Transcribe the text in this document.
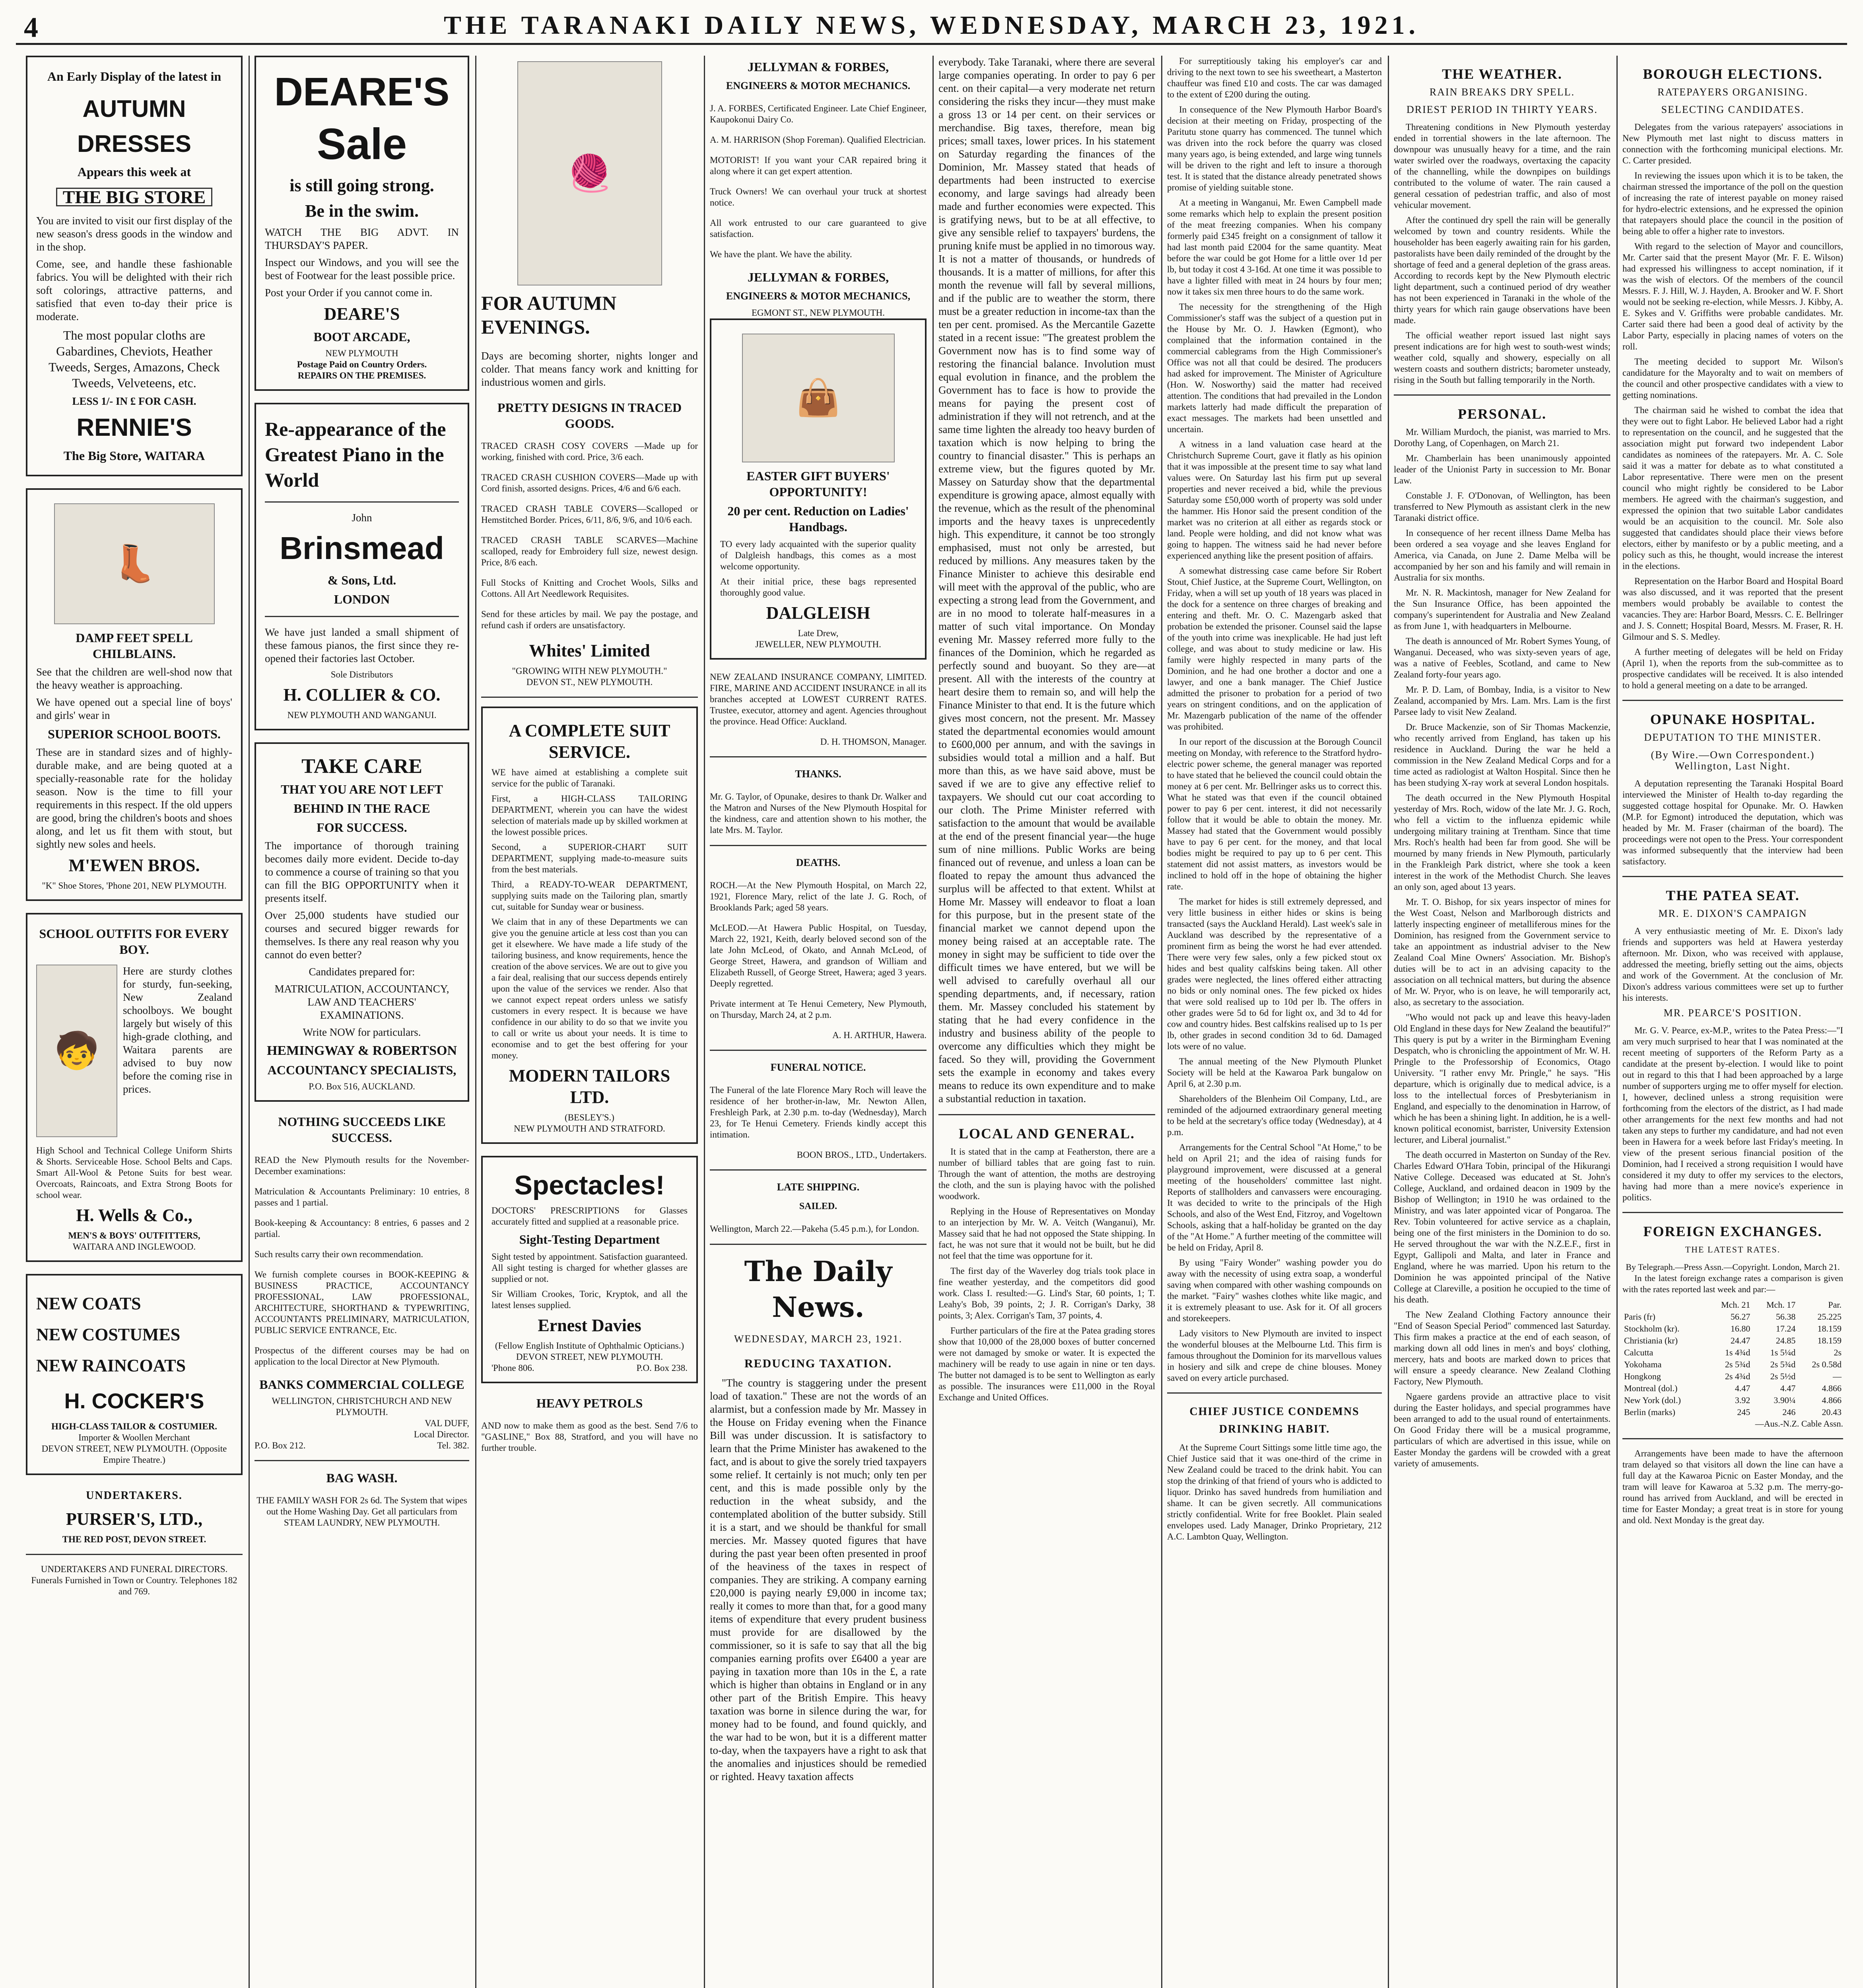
4	THE TARANAKI DAILY NEWS, WEDNESDAY, MARCH 23, 1921.
An Early Display of the latest in
AUTUMN
DRESSES
Appears this week at
THE BIG STORE

You are invited to visit our first display of the new season's dress goods in the window and in the shop.

Come, see, and handle these fashionable fabrics. You will be delighted with their rich soft colorings, attractive patterns, and satisfied that even to-day their price is moderate.

The most popular cloths are Gabardines, Cheviots, Heather Tweeds, Serges, Amazons, Check Tweeds, Velveteens, etc.

LESS 1/- IN £ FOR CASH.

RENNIE'S
The Big Store, WAITARA
👢
DAMP FEET SPELL CHILBLAINS.

See that the children are well-shod now that the heavy weather is approaching.

We have opened out a special line of boys' and girls' wear in

SUPERIOR SCHOOL BOOTS.

These are in standard sizes and of highly-durable make, and are being quoted at a specially-reasonable rate for the holiday season. Now is the time to fill your requirements in this respect. If the old uppers are good, bring the children's boots and shoes along, and let us fit them with stout, but sightly new soles and heels.

M'EWEN BROS.
"K" Shoe Stores, 'Phone 201, NEW PLYMOUTH.
SCHOOL OUTFITS FOR EVERY BOY.
🧒

Here are sturdy clothes for sturdy, fun-seeking, New Zealand schoolboys. We bought largely but wisely of this high-grade clothing, and Waitara parents are advised to buy now before the coming rise in prices.

High School and Technical College Uniform Shirts & Shorts. Serviceable Hose. School Belts and Caps. Smart All-Wool & Petone Suits for best wear. Overcoats, Raincoats, and Extra Strong Boots for school wear.

H. Wells & Co.,
MEN'S & BOYS' OUTFITTERS,
WAITARA AND INGLEWOOD.
NEW COATS
NEW COSTUMES
NEW RAINCOATS
H. COCKER'S
HIGH-CLASS TAILOR & COSTUMIER.
Importer & Woollen Merchant
DEVON STREET, NEW PLYMOUTH. (Opposite Empire Theatre.)
UNDERTAKERS.
PURSER'S, LTD.,
THE RED POST, DEVON STREET.
UNDERTAKERS AND FUNERAL DIRECTORS.
Funerals Furnished in Town or Country. Telephones 182 and 769.
DEARE'S
Sale
is still going strong.
Be in the swim.

WATCH THE BIG ADVT. IN THURSDAY'S PAPER.

Inspect our Windows, and you will see the best of Footwear for the least possible price.

Post your Order if you cannot come in.

DEARE'S
BOOT ARCADE,
NEW PLYMOUTH
Postage Paid on Country Orders.
REPAIRS ON THE PREMISES.
Re-appearance of the Greatest Piano in the World
John
Brinsmead
& Sons, Ltd.
LONDON

We have just landed a small shipment of these famous pianos, the first since they re-opened their factories last October.

Sole Distributors
H. COLLIER & CO.
NEW PLYMOUTH AND WANGANUI.
TAKE CARE
THAT YOU ARE NOT LEFT
BEHIND IN THE RACE
FOR SUCCESS.

The importance of thorough training becomes daily more evident. Decide to-day to commence a course of training so that you can fill the BIG OPPORTUNITY when it presents itself.

Over 25,000 students have studied our courses and secured bigger rewards for themselves. Is there any real reason why you cannot do even better?

Candidates prepared for:

MATRICULATION, ACCOUNTANCY, LAW AND TEACHERS' EXAMINATIONS.

Write NOW for particulars.

HEMINGWAY & ROBERTSON
ACCOUNTANCY SPECIALISTS,
P.O. Box 516, AUCKLAND.
NOTHING SUCCEEDS LIKE SUCCESS.

READ the New Plymouth results for the November-December examinations:

Matriculation & Accountants Preliminary: 10 entries, 8 passes and 1 partial.

Book-keeping & Accountancy: 8 entries, 6 passes and 2 partial.

Such results carry their own recommendation.

We furnish complete courses in BOOK-KEEPING & BUSINESS PRACTICE, ACCOUNTANCY PROFESSIONAL, LAW PROFESSIONAL, ARCHITECTURE, SHORTHAND & TYPEWRITING, ACCOUNTANTS PRELIMINARY, MATRICULATION, PUBLIC SERVICE ENTRANCE, Etc.

Prospectus of the different courses may be had on application to the local Director at New Plymouth.

BANKS COMMERCIAL COLLEGE
WELLINGTON, CHRISTCHURCH AND NEW PLYMOUTH.
VAL DUFF,
Local Director.
P.O. Box 212.	Tel. 382.
BAG WASH.

THE FAMILY WASH FOR 2s 6d. The System that wipes out the Home Washing Day. Get all particulars from STEAM LAUNDRY, NEW PLYMOUTH.

🧶
FOR AUTUMN EVENINGS.

Days are becoming shorter, nights longer and colder. That means fancy work and knitting for industrious women and girls.

PRETTY DESIGNS IN TRACED GOODS.

TRACED CRASH COSY COVERS —Made up for working, finished with cord. Price, 3/6 each.

TRACED CRASH CUSHION COVERS—Made up with Cord finish, assorted designs. Prices, 4/6 and 6/6 each.

TRACED CRASH TABLE COVERS—Scalloped or Hemstitched Border. Prices, 6/11, 8/6, 9/6, and 10/6 each.

TRACED CRASH TABLE SCARVES—Machine scalloped, ready for Embroidery full size, newest design. Price, 8/6 each.

Full Stocks of Knitting and Crochet Wools, Silks and Cottons. All Art Needlework Requisites.

Send for these articles by mail. We pay the postage, and refund cash if orders are unsatisfactory.

Whites' Limited
"GROWING WITH NEW PLYMOUTH."
DEVON ST., NEW PLYMOUTH.
A COMPLETE SUIT SERVICE.

WE have aimed at establishing a complete suit service for the public of Taranaki.

First, a HIGH-CLASS TAILORING DEPARTMENT, wherein you can have the widest selection of materials made up by skilled workmen at the lowest possible prices.

Second, a SUPERIOR-CHART SUIT DEPARTMENT, supplying made-to-measure suits from the best materials.

Third, a READY-TO-WEAR DEPARTMENT, supplying suits made on the Tailoring plan, smartly cut, suitable for Sunday wear or business.

We claim that in any of these Departments we can give you the genuine article at less cost than you can get it elsewhere. We have made a life study of the tailoring business, and know requirements, hence the creation of the above services. We are out to give you a fair deal, realising that our success depends entirely upon the value of the services we render. Also that we cannot expect repeat orders unless we satisfy customers in every respect. It is because we have confidence in our ability to do so that we invite you to call or write us about your needs. It is time to economise and to get the best offering for your money.

MODERN TAILORS LTD.
(BESLEY'S.)
NEW PLYMOUTH AND STRATFORD.
Spectacles!

DOCTORS' PRESCRIPTIONS for Glasses accurately fitted and supplied at a reasonable price.

Sight-Testing Department

Sight tested by appointment. Satisfaction guaranteed. All sight testing is charged for whether glasses are supplied or not.

Sir William Crookes, Toric, Kryptok, and all the latest lenses supplied.

Ernest Davies
(Fellow English Institute of Ophthalmic Opticians.)
DEVON STREET, NEW PLYMOUTH.
'Phone 806.	P.O. Box 238.
HEAVY PETROLS

AND now to make them as good as the best. Send 7/6 to "GASLINE," Box 88, Stratford, and you will have no further trouble.

JELLYMAN & FORBES,
ENGINEERS & MOTOR MECHANICS.

J. A. FORBES, Certificated Engineer. Late Chief Engineer, Kaupokonui Dairy Co.

A. M. HARRISON (Shop Foreman). Qualified Electrician.

MOTORIST! If you want your CAR repaired bring it along where it can get expert attention.

Truck Owners! We can overhaul your truck at shortest notice.

All work entrusted to our care guaranteed to give satisfaction.

We have the plant. We have the ability.

JELLYMAN & FORBES,
ENGINEERS & MOTOR MECHANICS,
EGMONT ST., NEW PLYMOUTH.
👜
EASTER GIFT BUYERS' OPPORTUNITY!
20 per cent. Reduction on Ladies' Handbags.

TO every lady acquainted with the superior quality of Dalgleish handbags, this comes as a most welcome opportunity.

At their initial price, these bags represented thoroughly good value.

DALGLEISH
Late Drew,
JEWELLER, NEW PLYMOUTH.

NEW ZEALAND INSURANCE COMPANY, LIMITED. FIRE, MARINE AND ACCIDENT INSURANCE in all its branches accepted at LOWEST CURRENT RATES. Trustee, executor, attorney and agent. Agencies throughout the province. Head Office: Auckland.

D. H. THOMSON, Manager.
THANKS.

Mr. G. Taylor, of Opunake, desires to thank Dr. Walker and the Matron and Nurses of the New Plymouth Hospital for the kindness, care and attention shown to his mother, the late Mrs. M. Taylor.

DEATHS.

ROCH.—At the New Plymouth Hospital, on March 22, 1921, Florence Mary, relict of the late J. G. Roch, of Brooklands Park; aged 58 years.

McLEOD.—At Hawera Public Hospital, on Tuesday, March 22, 1921, Keith, dearly beloved second son of the late John McLeod, of Okato, and Annah McLeod, of George Street, Hawera, and grandson of William and Elizabeth Russell, of George Street, Hawera; aged 3 years. Deeply regretted.

Private interment at Te Henui Cemetery, New Plymouth, on Thursday, March 24, at 2 p.m.

A. H. ARTHUR, Hawera.
FUNERAL NOTICE.

The Funeral of the late Florence Mary Roch will leave the residence of her brother-in-law, Mr. Newton Allen, Freshleigh Park, at 2.30 p.m. to-day (Wednesday), March 23, for Te Henui Cemetery. Friends kindly accept this intimation.

BOON BROS., LTD., Undertakers.
LATE SHIPPING.
SAILED.

Wellington, March 22.—Pakeha (5.45 p.m.), for London.

The Daily News.
WEDNESDAY, MARCH 23, 1921.
REDUCING TAXATION.

"The country is staggering under the present load of taxation." These are not the words of an alarmist, but a confession made by Mr. Massey in the House on Friday evening when the Finance Bill was under discussion. It is satisfactory to learn that the Prime Minister has awakened to the fact, and is about to give the sorely tried taxpayers some relief. It certainly is not much; only ten per cent, and this is made possible only by the reduction in the wheat subsidy, and the contemplated abolition of the butter subsidy. Still it is a start, and we should be thankful for small mercies. Mr. Massey quoted figures that have during the past year been often presented in proof of the heaviness of the taxes in respect of companies. They are striking. A company earning £20,000 is paying nearly £9,000 in income tax; really it comes to more than that, for a good many items of expenditure that every prudent business must provide for are disallowed by the commissioner, so it is safe to say that all the big companies earning profits over £6400 a year are paying in taxation more than 10s in the £, a rate which is higher than obtains in England or in any other part of the British Empire. This heavy taxation was borne in silence during the war, for money had to be found, and found quickly, and the war had to be won, but it is a different matter to-day, when the taxpayers have a right to ask that the anomalies and injustices should be remedied or righted. Heavy taxation affects

everybody. Take Taranaki, where there are several large companies operating. In order to pay 6 per cent. on their capital—a very moderate net return considering the risks they incur—they must make a gross 13 or 14 per cent. on their services or merchandise. Big taxes, therefore, mean big prices; small taxes, lower prices. In his statement on Saturday regarding the finances of the Dominion, Mr. Massey stated that heads of departments had been instructed to exercise economy, and large savings had already been made and further economies were expected. This is gratifying news, but to be at all effective, to give any sensible relief to taxpayers' burdens, the pruning knife must be applied in no timorous way. It is not a matter of thousands, or hundreds of thousands. It is a matter of millions, for after this month the revenue will fall by several millions, and if the public are to weather the storm, there must be a greater reduction in income-tax than the ten per cent. promised. As the Mercantile Gazette stated in a recent issue: "The greatest problem the Government now has is to find some way of restoring the financial balance. Involution must equal evolution in finance, and the problem the Government has to face is how to provide the means for paying the present cost of administration if they will not retrench, and at the same time lighten the already too heavy burden of taxation which is now helping to bring the country to financial disaster." This is perhaps an extreme view, but the figures quoted by Mr. Massey on Saturday show that the departmental expenditure is growing apace, almost equally with the revenue, which as the result of the phenominal imports and the heavy taxes is unprecedently high. This expenditure, it cannot be too strongly emphasised, must not only be arrested, but reduced by millions. Any measures taken by the Finance Minister to achieve this desirable end will meet with the approval of the public, who are expecting a strong lead from the Government, and are in no mood to tolerate half-measures in a matter of such vital importance. On Monday evening Mr. Massey referred more fully to the finances of the Dominion, which he regarded as perfectly sound and buoyant. So they are—at present. All with the interests of the country at heart desire them to remain so, and will help the Finance Minister to that end. It is the future which gives most concern, not the present. Mr. Massey stated the departmental economies would amount to £600,000 per annum, and with the savings in subsidies would total a million and a half. But more than this, as we have said above, must be saved if we are to give any effective relief to taxpayers. We should cut our coat according to our cloth. The Prime Minister referred with satisfaction to the amount that would be available at the end of the present financial year—the huge sum of nine millions. Public Works are being financed out of revenue, and unless a loan can be floated to repay the amount thus advanced the surplus will be affected to that extent. Whilst at Home Mr. Massey will endeavor to float a loan for this purpose, but in the present state of the financial market we cannot depend upon the money being raised at an acceptable rate. The money in sight may be sufficient to tide over the difficult times we have entered, but we will be well advised to carefully overhaul all our spending departments, and, if necessary, ration them. Mr. Massey concluded his statement by stating that he had every confidence in the industry and business ability of the people to overcome any difficulties which they might be faced. So they will, providing the Government sets the example in economy and takes every means to reduce its own expenditure and to make a substantial reduction in taxation.

LOCAL AND GENERAL.

It is stated that in the camp at Featherston, there are a number of billiard tables that are going fast to ruin. Through the want of attention, the moths are destroying the cloth, and the sun is playing havoc with the polished woodwork.

Replying in the House of Representatives on Monday to an interjection by Mr. W. A. Veitch (Wanganui), Mr. Massey said that he had not opposed the State shipping. In fact, he was not sure that it would not be built, but he did not feel that the time was opportune for it.

The first day of the Waverley dog trials took place in fine weather yesterday, and the competitors did good work. Class I. resulted:—G. Lind's Star, 60 points, 1; T. Leahy's Bob, 39 points, 2; J. R. Corrigan's Darky, 38 points, 3; Alex. Corrigan's Tam, 37 points, 4.

Further particulars of the fire at the Patea grading stores show that 10,000 of the 28,000 boxes of butter concerned were not damaged by smoke or water. It is expected the machinery will be ready to use again in nine or ten days. The butter not damaged is to be sent to Wellington as early as possible. The insurances were £11,000 in the Royal Exchange and United Offices.

For surreptitiously taking his employer's car and driving to the next town to see his sweetheart, a Masterton chauffeur was fined £10 and costs. The car was damaged to the extent of £200 during the outing.

In consequence of the New Plymouth Harbor Board's decision at their meeting on Friday, prospecting of the Paritutu stone quarry has commenced. The tunnel which was driven into the rock before the quarry was closed many years ago, is being extended, and large wing tunnels will be driven to the right and left to insure a thorough test. It is stated that the distance already penetrated shows promise of yielding suitable stone.

At a meeting in Wanganui, Mr. Ewen Campbell made some remarks which help to explain the present position of the meat freezing companies. When his company formerly paid £345 freight on a consignment of tallow it had last month paid £2004 for the same quantity. Meat before the war could be got Home for a little over 1d per lb, but today it cost 4 3-16d. At one time it was possible to have a lighter filled with meat in 24 hours by four men; now it takes six men three hours to do the same work.

The necessity for the strengthening of the High Commissioner's staff was the subject of a question put in the House by Mr. O. J. Hawken (Egmont), who complained that the information contained in the commercial cablegrams from the High Commissioner's Office was not all that could be desired. The producers had asked for improvement. The Minister of Agriculture (Hon. W. Nosworthy) said the matter had received attention. The conditions that had prevailed in the London markets latterly had made difficult the preparation of exact messages. The markets had been unsettled and uncertain.

A witness in a land valuation case heard at the Christchurch Supreme Court, gave it flatly as his opinion that it was impossible at the present time to say what land values were. On Saturday last his firm put up several properties and never received a bid, while the previous Saturday some £50,000 worth of property was sold under the hammer. His Honor said the present condition of the market was no criterion at all either as regards stock or land. People were holding, and did not know what was going to happen. The witness said he had never before experienced anything like the present position of affairs.

A somewhat distressing case came before Sir Robert Stout, Chief Justice, at the Supreme Court, Wellington, on Friday, when a will set up youth of 18 years was placed in the dock for a sentence on three charges of breaking and entering and theft. Mr. O. C. Mazengarb asked that probation be extended the prisoner. Counsel said the lapse of the youth into crime was inexplicable. He had just left college, and was about to study medicine or law. His family were highly respected in many parts of the Dominion, and he had one brother a doctor and one a lawyer, and one a bank manager. The Chief Justice admitted the prisoner to probation for a period of two years on stringent conditions, and on the application of Mr. Mazengarb publication of the name of the offender was prohibited.

In our report of the discussion at the Borough Council meeting on Monday, with reference to the Stratford hydro-electric power scheme, the general manager was reported to have stated that he believed the council could obtain the money at 6 per cent. Mr. Bellringer asks us to correct this. What he stated was that even if the council obtained power to pay 6 per cent. interest, it did not necessarily follow that it would be able to obtain the money. Mr. Massey had stated that the Government would possibly have to pay 6 per cent. for the money, and that local bodies might be required to pay up to 6 per cent. This statement did not assist matters, as investors would be inclined to hold off in the hope of obtaining the higher rate.

The market for hides is still extremely depressed, and very little business in either hides or skins is being transacted (says the Auckland Herald). Last week's sale in Auckland was described by the representative of a prominent firm as being the worst he had ever attended. There were very few sales, only a few picked stout ox hides and best quality calfskins being taken. All other grades were neglected, the lines offered either attracting no bids or only nominal ones. The few picked ox hides that were sold realised up to 10d per lb. The offers in other grades were 5d to 6d for light ox, and 3d to 4d for cow and country hides. Best calfskins realised up to 1s per lb, other grades in second condition 3d to 6d. Damaged lots were of no value.

The annual meeting of the New Plymouth Plunket Society will be held at the Kawaroa Park bungalow on April 6, at 2.30 p.m.

Shareholders of the Blenheim Oil Company, Ltd., are reminded of the adjourned extraordinary general meeting to be held at the secretary's office today (Wednesday), at 4 p.m.

Arrangements for the Central School "At Home," to be held on April 21; and the idea of raising funds for playground improvement, were discussed at a general meeting of the householders' committee last night. Reports of stallholders and canvassers were encouraging. It was decided to write to the principals of the High Schools, and also of the West End, Fitzroy, and Vogeltown Schools, asking that a half-holiday be granted on the day of the "At Home." A further meeting of the committee will be held on Friday, April 8.

By using "Fairy Wonder" washing powder you do away with the necessity of using extra soap, a wonderful saving when compared with other washing compounds on the market. "Fairy" washes clothes white like magic, and it is extremely pleasant to use. Ask for it. Of all grocers and storekeepers.

Lady visitors to New Plymouth are invited to inspect the wonderful blouses at the Melbourne Ltd. This firm is famous throughout the Dominion for its marvellous values in hosiery and silk and crepe de chine blouses. Money saved on every article purchased.

CHIEF JUSTICE CONDEMNS DRINKING HABIT.

At the Supreme Court Sittings some little time ago, the Chief Justice said that it was one-third of the crime in New Zealand could be traced to the drink habit. You can stop the drinking of that friend of yours who is addicted to liquor. Drinko has saved hundreds from humiliation and shame. It can be given secretly. All communications strictly confidential. Write for free Booklet. Plain sealed envelopes used. Lady Manager, Drinko Proprietary, 212 A.C. Lambton Quay, Wellington.

THE WEATHER.
RAIN BREAKS DRY SPELL.
DRIEST PERIOD IN THIRTY YEARS.

Threatening conditions in New Plymouth yesterday ended in torrential showers in the late afternoon. The downpour was unusually heavy for a time, and the rain water swirled over the roadways, overtaxing the capacity of the channelling, while the downpipes on buildings contributed to the volume of water. The rain caused a general cessation of pedestrian traffic, and also of most vehicular movement.

After the continued dry spell the rain will be generally welcomed by town and country residents. While the householder has been eagerly awaiting rain for his garden, pastoralists have been daily reminded of the drought by the shortage of feed and a general depletion of the grass areas. According to records kept by the New Plymouth electric light department, such a continued period of dry weather has not been experienced in Taranaki in the whole of the thirty years for which rain gauge observations have been made.

The official weather report issued last night says present indications are for high west to south-west winds; weather cold, squally and showery, especially on all western coasts and southern districts; barometer unsteady, rising in the South but falling temporarily in the North.

PERSONAL.

Mr. William Murdoch, the pianist, was married to Mrs. Dorothy Lang, of Copenhagen, on March 21.

Mr. Chamberlain has been unanimously appointed leader of the Unionist Party in succession to Mr. Bonar Law.

Constable J. F. O'Donovan, of Wellington, has been transferred to New Plymouth as assistant clerk in the new Taranaki district office.

In consequence of her recent illness Dame Melba has been ordered a sea voyage and she leaves England for America, via Canada, on June 2. Dame Melba will be accompanied by her son and his family and will remain in Australia for six months.

Mr. N. R. Mackintosh, manager for New Zealand for the Sun Insurance Office, has been appointed the company's superintendent for Australia and New Zealand as from June 1, with headquarters in Melbourne.

The death is announced of Mr. Robert Symes Young, of Wanganui. Deceased, who was sixty-seven years of age, was a native of Feebles, Scotland, and came to New Zealand forty-four years ago.

Mr. P. D. Lam, of Bombay, India, is a visitor to New Zealand, accompanied by Mrs. Lam. Mrs. Lam is the first Parsee lady to visit New Zealand.

Dr. Bruce Mackenzie, son of Sir Thomas Mackenzie, who recently arrived from England, has taken up his residence in Auckland. During the war he held a commission in the New Zealand Medical Corps and for a time acted as radiologist at Walton Hospital. Since then he has been studying X-ray work at several London hospitals.

The death occurred in the New Plymouth Hospital yesterday of Mrs. Roch, widow of the late Mr. J. G. Roch, who fell a victim to the influenza epidemic while undergoing military training at Trentham. Since that time Mrs. Roch's health had been far from good. She will be mourned by many friends in New Plymouth, particularly in the Frankleigh Park district, where she took a keen interest in the work of the Methodist Church. She leaves an only son, aged about 13 years.

Mr. T. O. Bishop, for six years inspector of mines for the West Coast, Nelson and Marlborough districts and latterly inspecting engineer of metalliferous mines for the Dominion, has resigned from the Government service to take an appointment as industrial adviser to the New Zealand Coal Mine Owners' Association. Mr. Bishop's duties will be to act in an advising capacity to the association on all technical matters, but during the absence of Mr. W. Pryor, who is on leave, he will temporarily act, also, as secretary to the association.

"Who would not pack up and leave this heavy-laden Old England in these days for New Zealand the beautiful?" This query is put by a writer in the Birmingham Evening Despatch, who is chronicling the appointment of Mr. W. H. Pringle to the Professorship of Economics, Otago University. "I rather envy Mr. Pringle," he says. "His departure, which is originally due to medical advice, is a loss to the intellectual forces of Presbyterianism in England, and especially to the denomination in Harrow, of which he has been a shining light. In addition, he is a well-known political economist, barrister, University Extension lecturer, and Liberal journalist."

The death occurred in Masterton on Sunday of the Rev. Charles Edward O'Hara Tobin, principal of the Hikurangi Native College. Deceased was educated at St. John's College, Auckland, and ordained deacon in 1909 by the Bishop of Wellington; in 1910 he was ordained to the Ministry, and was later appointed vicar of Pongaroa. The Rev. Tobin volunteered for active service as a chaplain, being one of the first ministers in the Dominion to do so. He served throughout the war with the N.Z.E.F., first in Egypt, Gallipoli and Malta, and later in France and England, where he was married. Upon his return to the Dominion he was appointed principal of the Native College at Clareville, a position he occupied to the time of his death.

The New Zealand Clothing Factory announce their "End of Season Special Period" commenced last Saturday. This firm makes a practice at the end of each season, of marking down all odd lines in men's and boys' clothing, mercery, hats and boots are marked down to prices that will ensure a speedy clearance. New Zealand Clothing Factory, New Plymouth.

Ngaere gardens provide an attractive place to visit during the Easter holidays, and special programmes have been arranged to add to the usual round of entertainments. On Good Friday there will be a musical programme, particulars of which are advertised in this issue, while on Easter Monday the gardens will be crowded with a great variety of amusements.

BOROUGH ELECTIONS.
RATEPAYERS ORGANISING.
SELECTING CANDIDATES.

Delegates from the various ratepayers' associations in New Plymouth met last night to discuss matters in connection with the forthcoming municipal elections. Mr. C. Carter presided.

In reviewing the issues upon which it is to be taken, the chairman stressed the importance of the poll on the question of increasing the rate of interest payable on money raised for hydro-electric extensions, and he expressed the opinion that ratepayers should place the council in the position of being able to offer a higher rate to investors.

With regard to the selection of Mayor and councillors, Mr. Carter said that the present Mayor (Mr. F. E. Wilson) had expressed his willingness to accept nomination, if it was the wish of electors. Of the members of the council Messrs. F. J. Hill, W. J. Hayden, A. Brooker and W. F. Short would not be seeking re-election, while Messrs. J. Kibby, A. E. Sykes and V. Griffiths were probable candidates. Mr. Carter said there had been a good deal of activity by the Labor Party, especially in placing names of voters on the roll.

The meeting decided to support Mr. Wilson's candidature for the Mayoralty and to wait on members of the council and other prospective candidates with a view to getting nominations.

The chairman said he wished to combat the idea that they were out to fight Labor. He believed Labor had a right to representation on the council, and he suggested that the association might put forward two independent Labor candidates as nominees of the ratepayers. Mr. A. C. Sole said it was a matter for debate as to what constituted a Labor representative. There were men on the present council who might rightly be considered to be Labor members. He agreed with the chairman's suggestion, and expressed the opinion that two suitable Labor candidates would be an acquisition to the council. Mr. Sole also suggested that candidates should place their views before electors, either by manifesto or by a public meeting, and a policy such as this, he thought, would increase the interest in the elections.

Representation on the Harbor Board and Hospital Board was also discussed, and it was reported that the present members would probably be available to contest the vacancies. They are: Harbor Board, Messrs. C. E. Bellringer and J. S. Connett; Hospital Board, Messrs. M. Fraser, R. H. Gilmour and S. S. Medley.

A further meeting of delegates will be held on Friday (April 1), when the reports from the sub-committee as to prospective candidates will be received. It is also intended to hold a general meeting on a date to be arranged.

OPUNAKE HOSPITAL.
DEPUTATION TO THE MINISTER.
(By Wire.—Own Correspondent.) Wellington, Last Night.

A deputation representing the Taranaki Hospital Board interviewed the Minister of Health to-day regarding the suggested cottage hospital for Opunake. Mr. O. Hawken (M.P. for Egmont) introduced the deputation, which was headed by Mr. M. Fraser (chairman of the board). The proceedings were not open to the Press. Your correspondent was informed subsequently that the interview had been satisfactory.

THE PATEA SEAT.
MR. E. DIXON'S CAMPAIGN

A very enthusiastic meeting of Mr. E. Dixon's lady friends and supporters was held at Hawera yesterday afternoon. Mr. Dixon, who was received with applause, addressed the meeting, briefly setting out the aims, objects and work of the Government. At the conclusion of Mr. Dixon's address various committees were set up to further his interests.

MR. PEARCE'S POSITION.

Mr. G. V. Pearce, ex-M.P., writes to the Patea Press:—"I am very much surprised to hear that I was nominated at the recent meeting of supporters of the Reform Party as a candidate at the present by-election. I would like to point out in regard to this that I had been approached by a large number of supporters urging me to offer myself for election. I, however, declined unless a strong requisition were forthcoming from the electors of the district, as I had made other arrangements for the next few months and had not taken any steps to further my candidature, and had not even been in Hawera for a week before last Friday's meeting. In view of the present serious financial position of the Dominion, had I received a strong requisition I would have considered it my duty to offer my services to the electors, having had more than a mere novice's experience in politics.

FOREIGN EXCHANGES.
THE LATEST RATES.
By Telegraph.—Press Assn.—Copyright. London, March 21.

In the latest foreign exchange rates a comparison is given with the rates reported last week and par:—

	Mch. 21	Mch. 17	Par.
Paris (fr)	56.27	56.38	25.225
Stockholm (kr).	16.80	17.24	18.159
Christiania (kr)	24.47	24.85	18.159
Calcutta	1s 4¾d	1s 5¼d	2s
Yokohama	2s 5¾d	2s 5¾d	2s 0.58d
Hongkong	2s 4¾d	2s 5½d	—
Montreal (dol.)	4.47	4.47	4.866
New York (dol.)	3.92	3.90¼	4.866
Berlin (marks)	245	246	20.43
—Aus.-N.Z. Cable Assn.

Arrangements have been made to have the afternoon tram delayed so that visitors all down the line can have a full day at the Kawaroa Picnic on Easter Monday, and the tram will leave for Kawaroa at 5.32 p.m. The merry-go-round has arrived from Auckland, and will be erected in time for Easter Monday; a great treat is in store for young and old. Next Monday is the great day.
